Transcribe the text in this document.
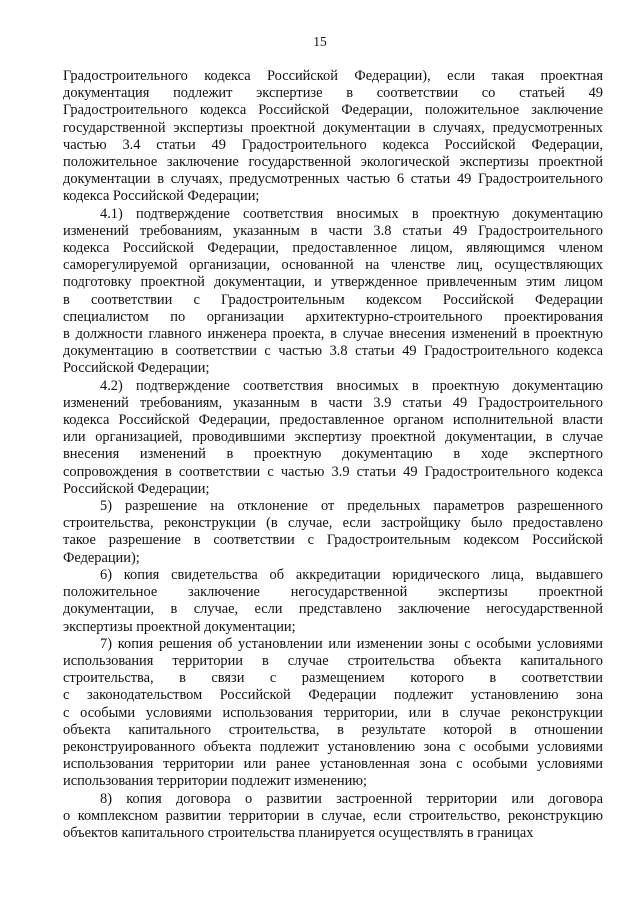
15

Градостроительного кодекса Российской Федерации), если такая проектная

документация подлежит экспертизе в соответствии со статьей 49

Градостроительного кодекса Российской Федерации, положительное заключение

государственной экспертизы проектной документации в случаях, предусмотренных

частью 3.4 статьи 49 Градостроительного кодекса Российской Федерации,

положительное заключение государственной экологической экспертизы проектной

документации в случаях, предусмотренных частью 6 статьи 49 Градостроительного

кодекса Российской Федерации;

4.1) подтверждение соответствия вносимых в проектную документацию

изменений требованиям, указанным в части 3.8 статьи 49 Градостроительного

кодекса Российской Федерации, предоставленное лицом, являющимся членом

саморегулируемой организации, основанной на членстве лиц, осуществляющих

подготовку проектной документации, и утвержденное привлеченным этим лицом

в соответствии с Градостроительным кодексом Российской Федерации

специалистом по организации архитектурно-строительного проектирования

в должности главного инженера проекта, в случае внесения изменений в проектную

документацию в соответствии с частью 3.8 статьи 49 Градостроительного кодекса

Российской Федерации;

4.2) подтверждение соответствия вносимых в проектную документацию

изменений требованиям, указанным в части 3.9 статьи 49 Градостроительного

кодекса Российской Федерации, предоставленное органом исполнительной власти

или организацией, проводившими экспертизу проектной документации, в случае

внесения изменений в проектную документацию в ходе экспертного

сопровождения в соответствии с частью 3.9 статьи 49 Градостроительного кодекса

Российской Федерации;

5) разрешение на отклонение от предельных параметров разрешенного

строительства, реконструкции (в случае, если застройщику было предоставлено

такое разрешение в соответствии с Градостроительным кодексом Российской

Федерации);

6) копия свидетельства об аккредитации юридического лица, выдавшего

положительное заключение негосударственной экспертизы проектной

документации, в случае, если представлено заключение негосударственной

экспертизы проектной документации;

7) копия решения об установлении или изменении зоны с особыми условиями

использования территории в случае строительства объекта капитального

строительства, в связи с размещением которого в соответствии

с законодательством Российской Федерации подлежит установлению зона

с особыми условиями использования территории, или в случае реконструкции

объекта капитального строительства, в результате которой в отношении

реконструированного объекта подлежит установлению зона с особыми условиями

использования территории или ранее установленная зона с особыми условиями

использования территории подлежит изменению;

8) копия договора о развитии застроенной территории или договора

о комплексном развитии территории в случае, если строительство, реконструкцию

объектов капитального строительства планируется осуществлять в границах
